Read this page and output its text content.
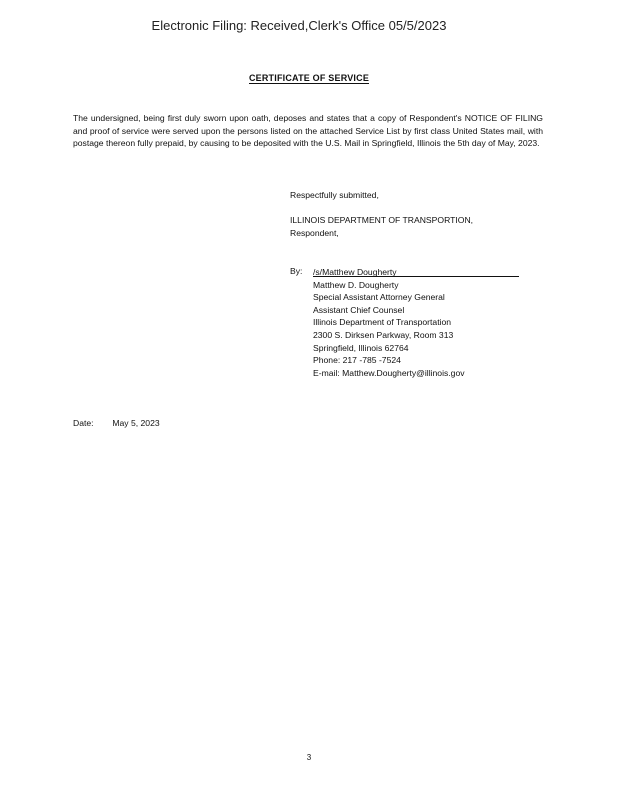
Electronic Filing: Received,Clerk's Office 05/5/2023
CERTIFICATE OF SERVICE
The undersigned, being first duly sworn upon oath, deposes and states that a copy of Respondent's NOTICE OF FILING and proof of service were served upon the persons listed on the attached Service List by first class United States mail, with postage thereon fully prepaid, by causing to be deposited with the U.S. Mail in Springfield, Illinois the 5th day of May, 2023.
Respectfully submitted,
ILLINOIS DEPARTMENT OF TRANSPORTION,
Respondent,
By: /s/Matthew Dougherty
Matthew D. Dougherty
Special Assistant Attorney General
Assistant Chief Counsel
Illinois Department of Transportation
2300 S. Dirksen Parkway, Room 313
Springfield, Illinois 62764
Phone: 217 -785 -7524
E-mail: Matthew.Dougherty@illinois.gov
Date: May 5, 2023
3
